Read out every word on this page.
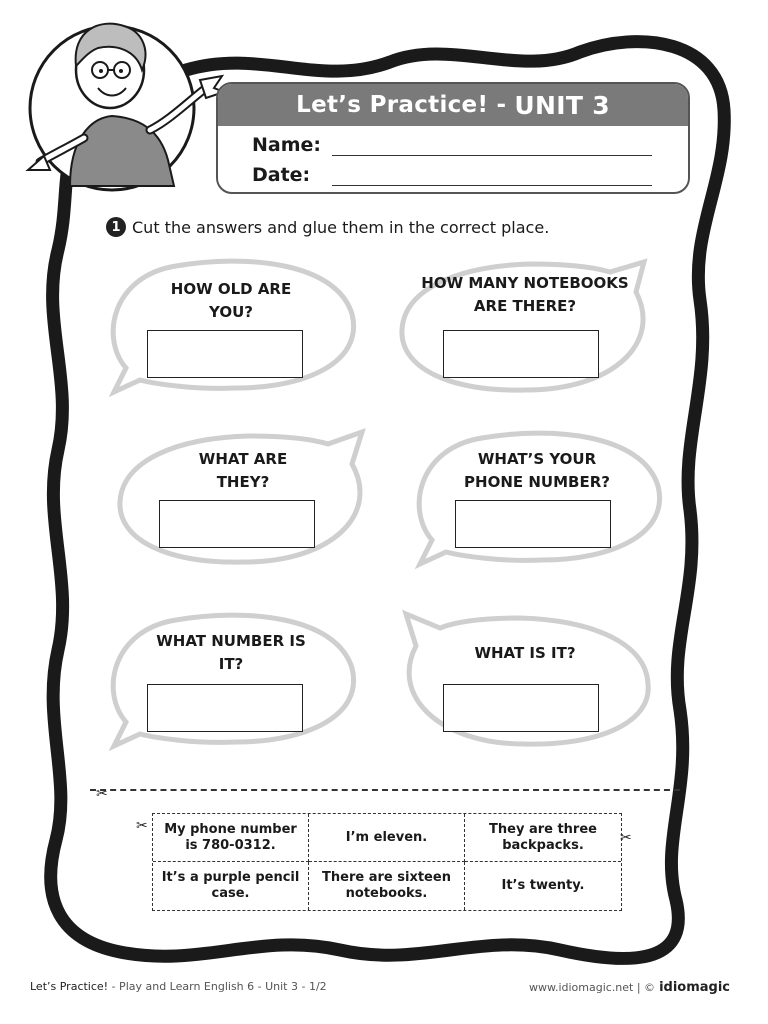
Let’s Practice! - UNIT 3
Name:
Date:
1 Cut the answers and glue them in the correct place.
HOW OLD ARE YOU?
HOW MANY NOTEBOOKS ARE THERE?
WHAT ARE THEY?
WHAT’S YOUR PHONE NUMBER?
WHAT NUMBER IS IT?
WHAT IS IT?
✂
✂
✂
My phone number is 780-0312.
I’m eleven.
They are three backpacks.
It’s a purple pencil case.
There are sixteen notebooks.
It’s twenty.
Let’s Practice! - Play and Learn English 6 - Unit 3 - 1/2	www.idiomagic.net | © idiomagic
